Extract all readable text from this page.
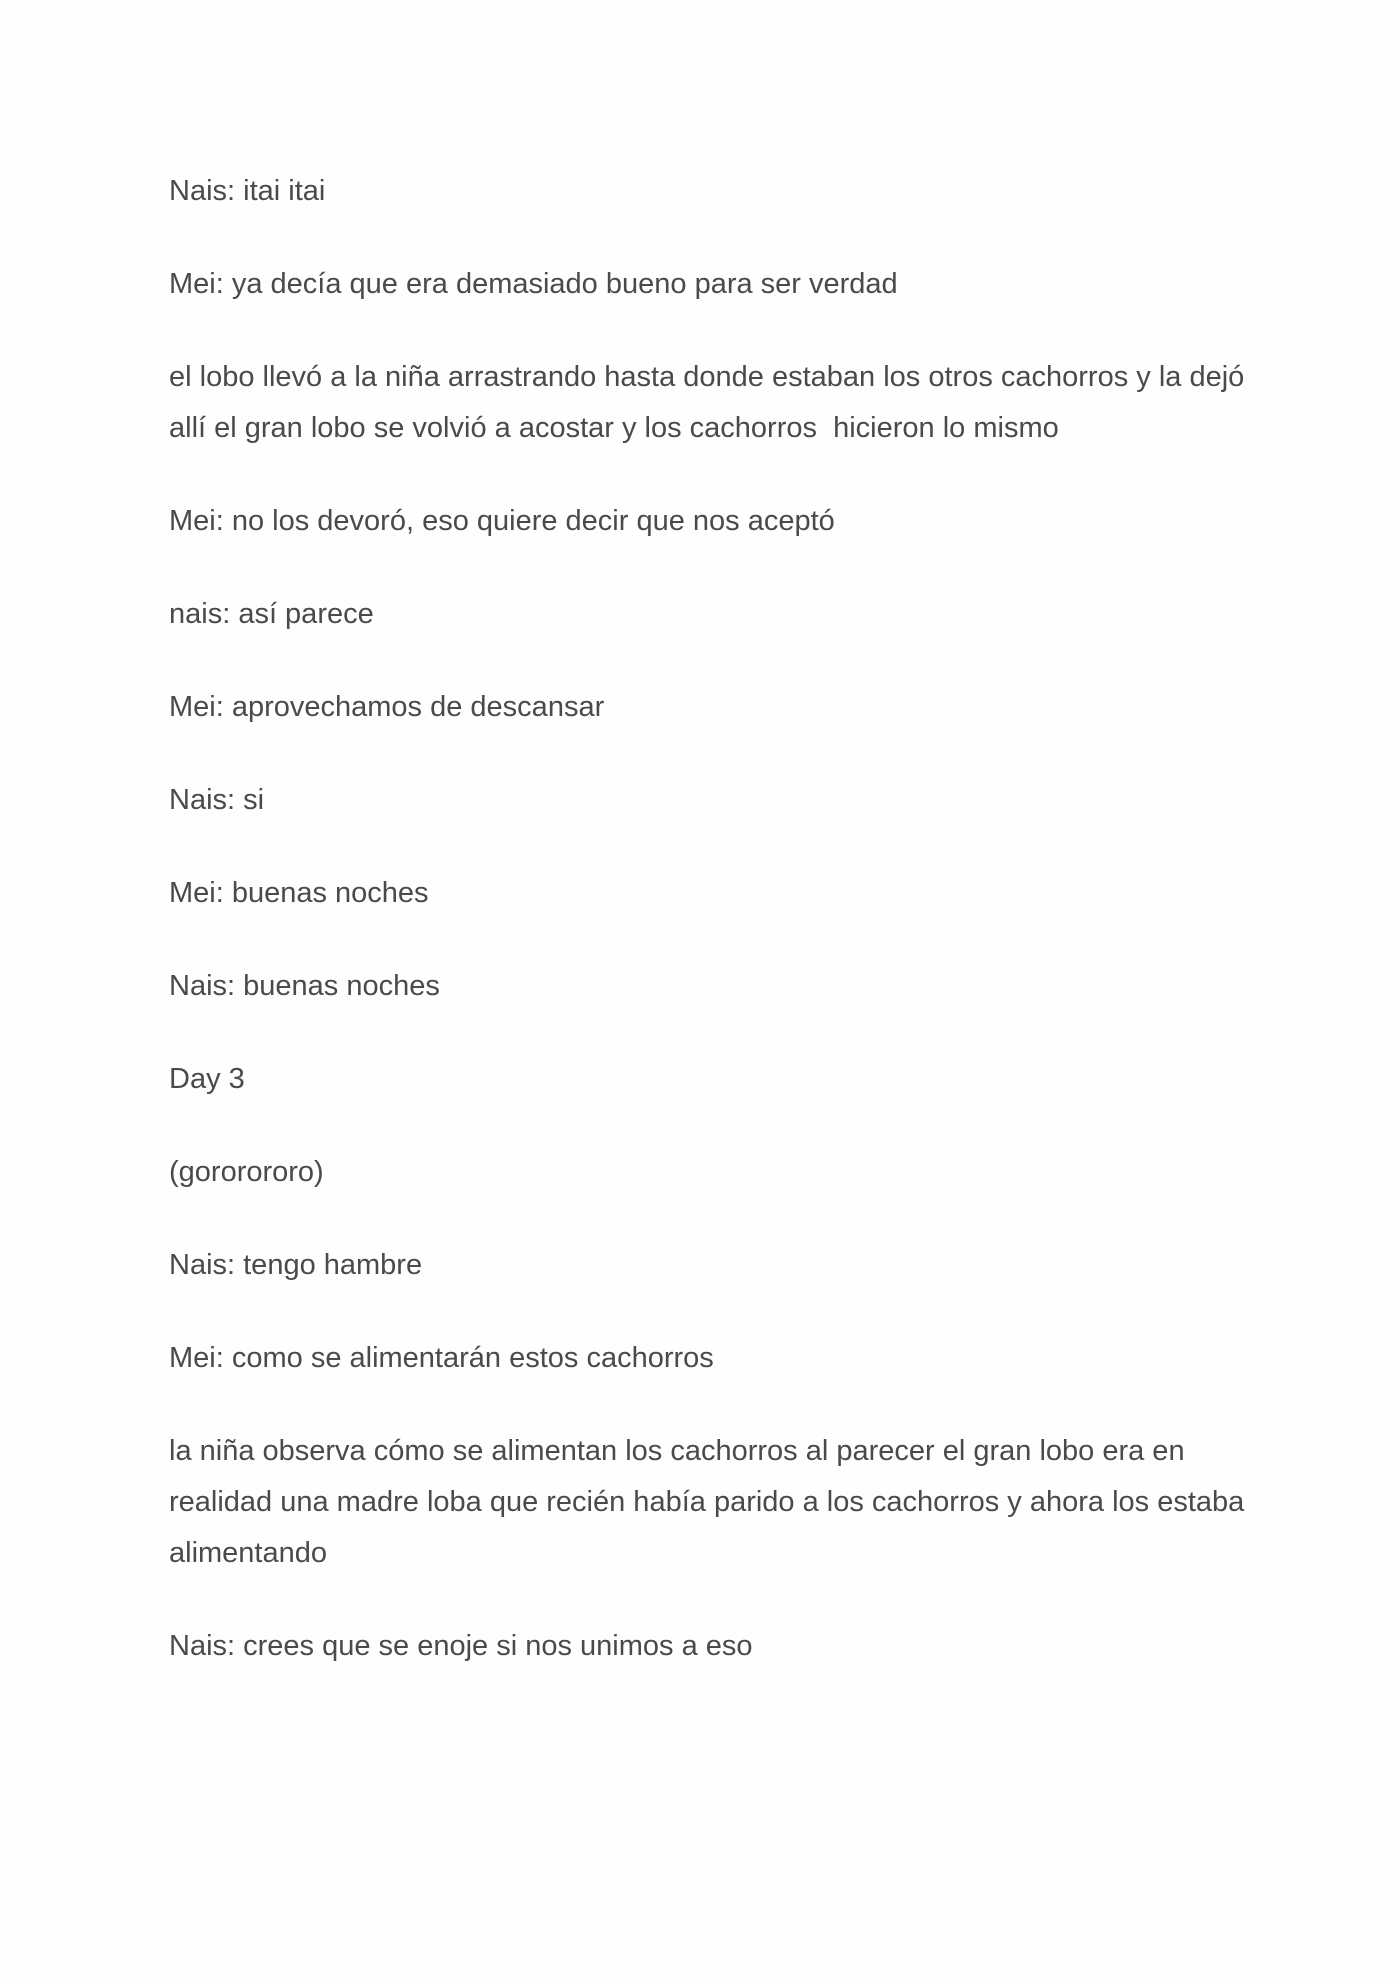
Nais: itai itai

Mei: ya decía que era demasiado bueno para ser verdad

el lobo llevó a la niña arrastrando hasta donde estaban los otros cachorros y la dejó allí el gran lobo se volvió a acostar y los cachorros  hicieron lo mismo

Mei: no los devoró, eso quiere decir que nos aceptó

nais: así parece

Mei: aprovechamos de descansar

Nais: si

Mei: buenas noches

Nais: buenas noches

Day 3

(gororororo)

Nais: tengo hambre

Mei: como se alimentarán estos cachorros

la niña observa cómo se alimentan los cachorros al parecer el gran lobo era en realidad una madre loba que recién había parido a los cachorros y ahora los estaba alimentando

Nais: crees que se enoje si nos unimos a eso
